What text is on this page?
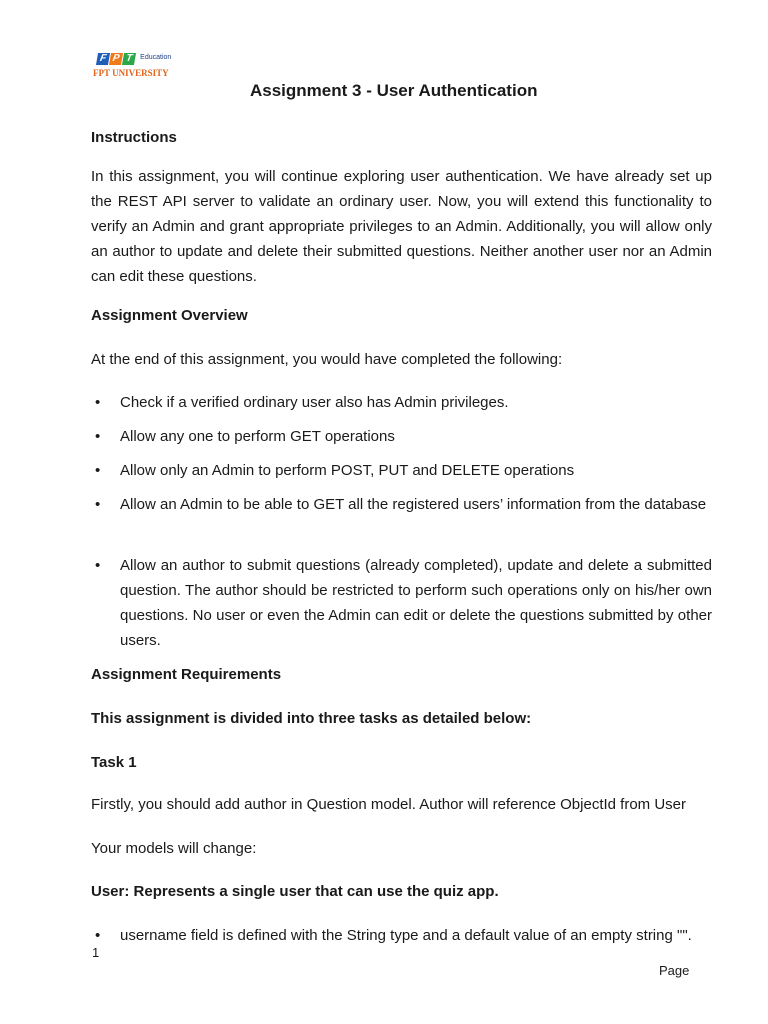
F P T Education
FPT UNIVERSITY
Assignment 3 - User Authentication
Instructions
In this assignment, you will continue exploring user authentication. We have already set up the REST API server to validate an ordinary user. Now, you will extend this functionality to verify an Admin and grant appropriate privileges to an Admin. Additionally, you will allow only an author to update and delete their submitted questions. Neither another user nor an Admin can edit these questions.
Assignment Overview
At the end of this assignment, you would have completed the following:
• Check if a verified ordinary user also has Admin privileges.
• Allow any one to perform GET operations
• Allow only an Admin to perform POST, PUT and DELETE operations
• Allow an Admin to be able to GET all the registered users’ information from the database
• Allow an author to submit questions (already completed), update and delete a submitted question. The author should be restricted to perform such operations only on his/her own questions. No user or even the Admin can edit or delete the questions submitted by other users.
Assignment Requirements
This assignment is divided into three tasks as detailed below:
Task 1
Firstly, you should add author in Question model. Author will reference ObjectId from User
Your models will change:
User: Represents a single user that can use the quiz app.
• username field is defined with the String type and a default value of an empty string "".
1
Page
